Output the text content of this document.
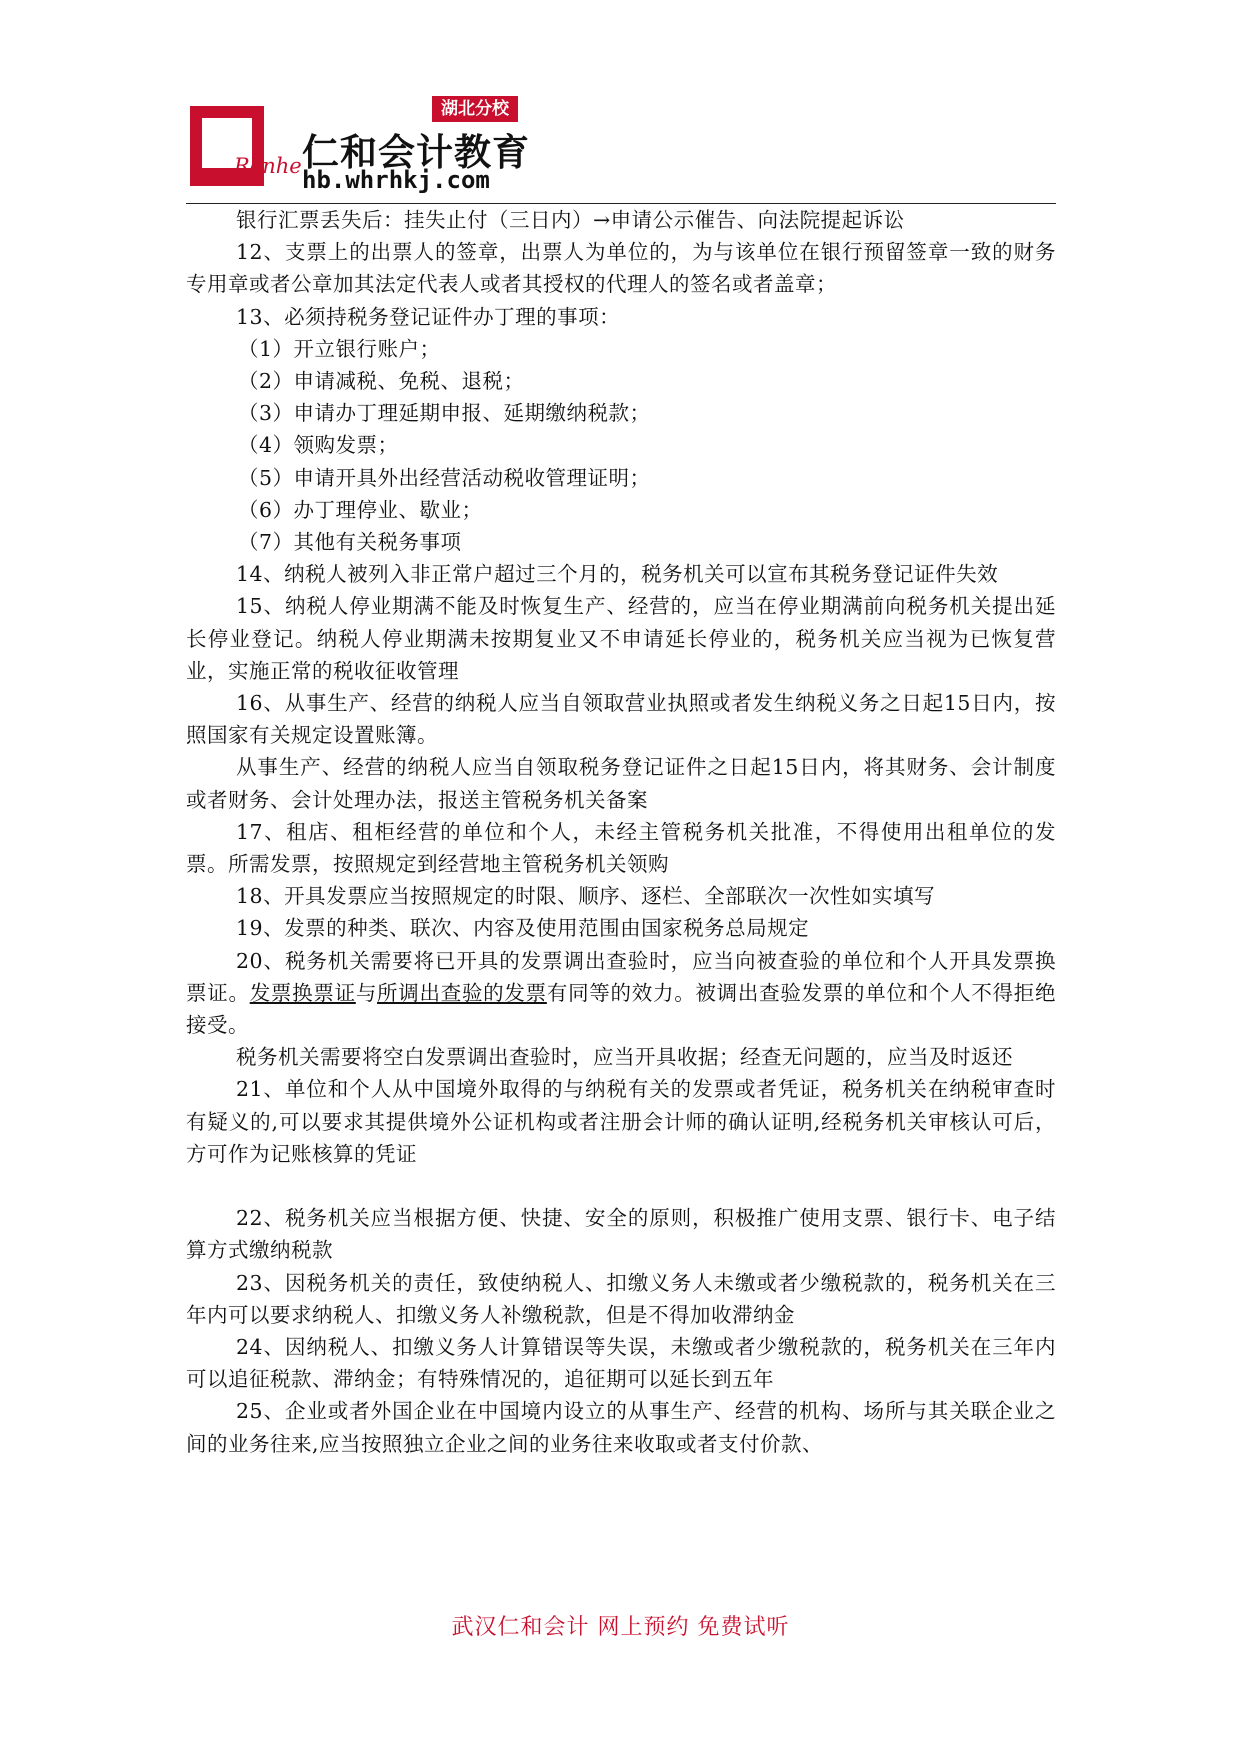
Renhe
湖北分校
仁和会计教育
hb.whrhkj.com

银行汇票丢失后：挂失止付（三日内）→申请公示催告、向法院提起诉讼

12、支票上的出票人的签章，出票人为单位的，为与该单位在银行预留签章一致的财务专用章或者公章加其法定代表人或者其授权的代理人的签名或者盖章；

13、必须持税务登记证件办丁理的事项：

（1）开立银行账户；

（2）申请减税、免税、退税；

（3）申请办丁理延期申报、延期缴纳税款；

（4）领购发票；

（5）申请开具外出经营活动税收管理证明；

（6）办丁理停业、歇业；

（7）其他有关税务事项

14、纳税人被列入非正常户超过三个月的，税务机关可以宣布其税务登记证件失效

15、纳税人停业期满不能及时恢复生产、经营的，应当在停业期满前向税务机关提出延长停业登记。纳税人停业期满未按期复业又不申请延长停业的，税务机关应当视为已恢复营业，实施正常的税收征收管理

16、从事生产、经营的纳税人应当自领取营业执照或者发生纳税义务之日起15日内，按照国家有关规定设置账簿。

从事生产、经营的纳税人应当自领取税务登记证件之日起15日内，将其财务、会计制度或者财务、会计处理办法，报送主管税务机关备案

17、租店、租柜经营的单位和个人，未经主管税务机关批准，不得使用出租单位的发票。所需发票，按照规定到经营地主管税务机关领购

18、开具发票应当按照规定的时限、顺序、逐栏、全部联次一次性如实填写

19、发票的种类、联次、内容及使用范围由国家税务总局规定

20、税务机关需要将已开具的发票调出查验时，应当向被查验的单位和个人开具发票换票证。发票换票证与所调出查验的发票有同等的效力。被调出查验发票的单位和个人不得拒绝接受。

税务机关需要将空白发票调出查验时，应当开具收据；经查无问题的，应当及时返还

21、单位和个人从中国境外取得的与纳税有关的发票或者凭证，税务机关在纳税审查时有疑义的,可以要求其提供境外公证机构或者注册会计师的确认证明,经税务机关审核认可后，方可作为记账核算的凭证

22、税务机关应当根据方便、快捷、安全的原则，积极推广使用支票、银行卡、电子结算方式缴纳税款

23、因税务机关的责任，致使纳税人、扣缴义务人未缴或者少缴税款的，税务机关在三年内可以要求纳税人、扣缴义务人补缴税款，但是不得加收滞纳金

24、因纳税人、扣缴义务人计算错误等失误，未缴或者少缴税款的，税务机关在三年内可以追征税款、滞纳金；有特殊情况的，追征期可以延长到五年

25、企业或者外国企业在中国境内设立的从事生产、经营的机构、场所与其关联企业之间的业务往来,应当按照独立企业之间的业务往来收取或者支付价款、

武汉仁和会计 网上预约 免费试听
